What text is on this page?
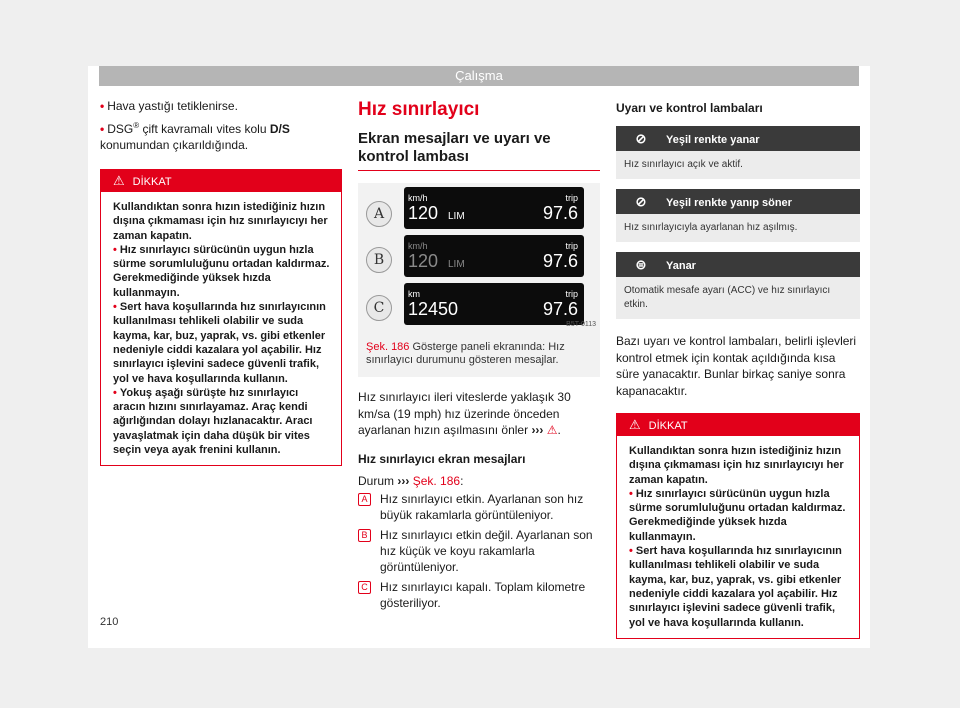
Çalışma

• Hava yastığı tetiklenirse.

• DSG® çift kavramalı vites kolu D/S konumundan çıkarıldığında.

⚠ DİKKAT

Kullandıktan sonra hızın istediğiniz hızın dışına çıkmaması için hız sınırlayıcıyı her zaman kapatın.

• Hız sınırlayıcı sürücünün uygun hızla sürme sorumluluğunu ortadan kaldırmaz. Gerekmediğinde yüksek hızda kullanmayın.

• Sert hava koşullarında hız sınırlayıcının kullanılması tehlikeli olabilir ve suda kayma, kar, buz, yaprak, vs. gibi etkenler nedeniyle ciddi kazalara yol açabilir. Hız sınırlayıcı işlevini sadece güvenli trafik, yol ve hava koşullarında kullanın.

• Yokuş aşağı sürüşte hız sınırlayıcı aracın hızını sınırlayamaz. Araç kendi ağırlığından dolayı hızlanacaktır. Aracı yavaşlatmak için daha düşük bir vites seçin veya ayak frenini kullanın.

Hız sınırlayıcı
Ekran mesajları ve uyarı ve kontrol lambası
A
km/h
120 LIM
trip
97.6
B
km/h
120 LIM
trip
97.6
C
km
12450
trip
97.6
B5T-0113
Şek. 186 Gösterge paneli ekranında: Hız sınırlayıcı durumunu gösteren mesajlar.

Hız sınırlayıcı ileri viteslerde yaklaşık 30 km/sa (19 mph) hız üzerinde önceden ayarlanan hızın aşılmasını önler ››› ⚠.

Hız sınırlayıcı ekran mesajları

Durum ››› Şek. 186:

A Hız sınırlayıcı etkin. Ayarlanan son hız büyük rakamlarla görüntüleniyor.
B Hız sınırlayıcı etkin değil. Ayarlanan son hız küçük ve koyu rakamlarla görüntüleniyor.
C Hız sınırlayıcı kapalı. Toplam kilometre gösteriliyor.

Uyarı ve kontrol lambaları

⊘ Yeşil renkte yanar
Hız sınırlayıcı açık ve aktif.
⊘ Yeşil renkte yanıp söner
Hız sınırlayıcıyla ayarlanan hız aşılmış.
⊜ Yanar
Otomatik mesafe ayarı (ACC) ve hız sınırlayıcı etkin.

Bazı uyarı ve kontrol lambaları, belirli işlevleri kontrol etmek için kontak açıldığında kısa süre yanacaktır. Bunlar birkaç saniye sonra kapanacaktır.

⚠ DİKKAT

Kullandıktan sonra hızın istediğiniz hızın dışına çıkmaması için hız sınırlayıcıyı her zaman kapatın.

• Hız sınırlayıcı sürücünün uygun hızla sürme sorumluluğunu ortadan kaldırmaz. Gerekmediğinde yüksek hızda kullanmayın.

• Sert hava koşullarında hız sınırlayıcının kullanılması tehlikeli olabilir ve suda kayma, kar, buz, yaprak, vs. gibi etkenler nedeniyle ciddi kazalara yol açabilir. Hız sınırlayıcı işlevini sadece güvenli trafik, yol ve hava koşullarında kullanın.

210
